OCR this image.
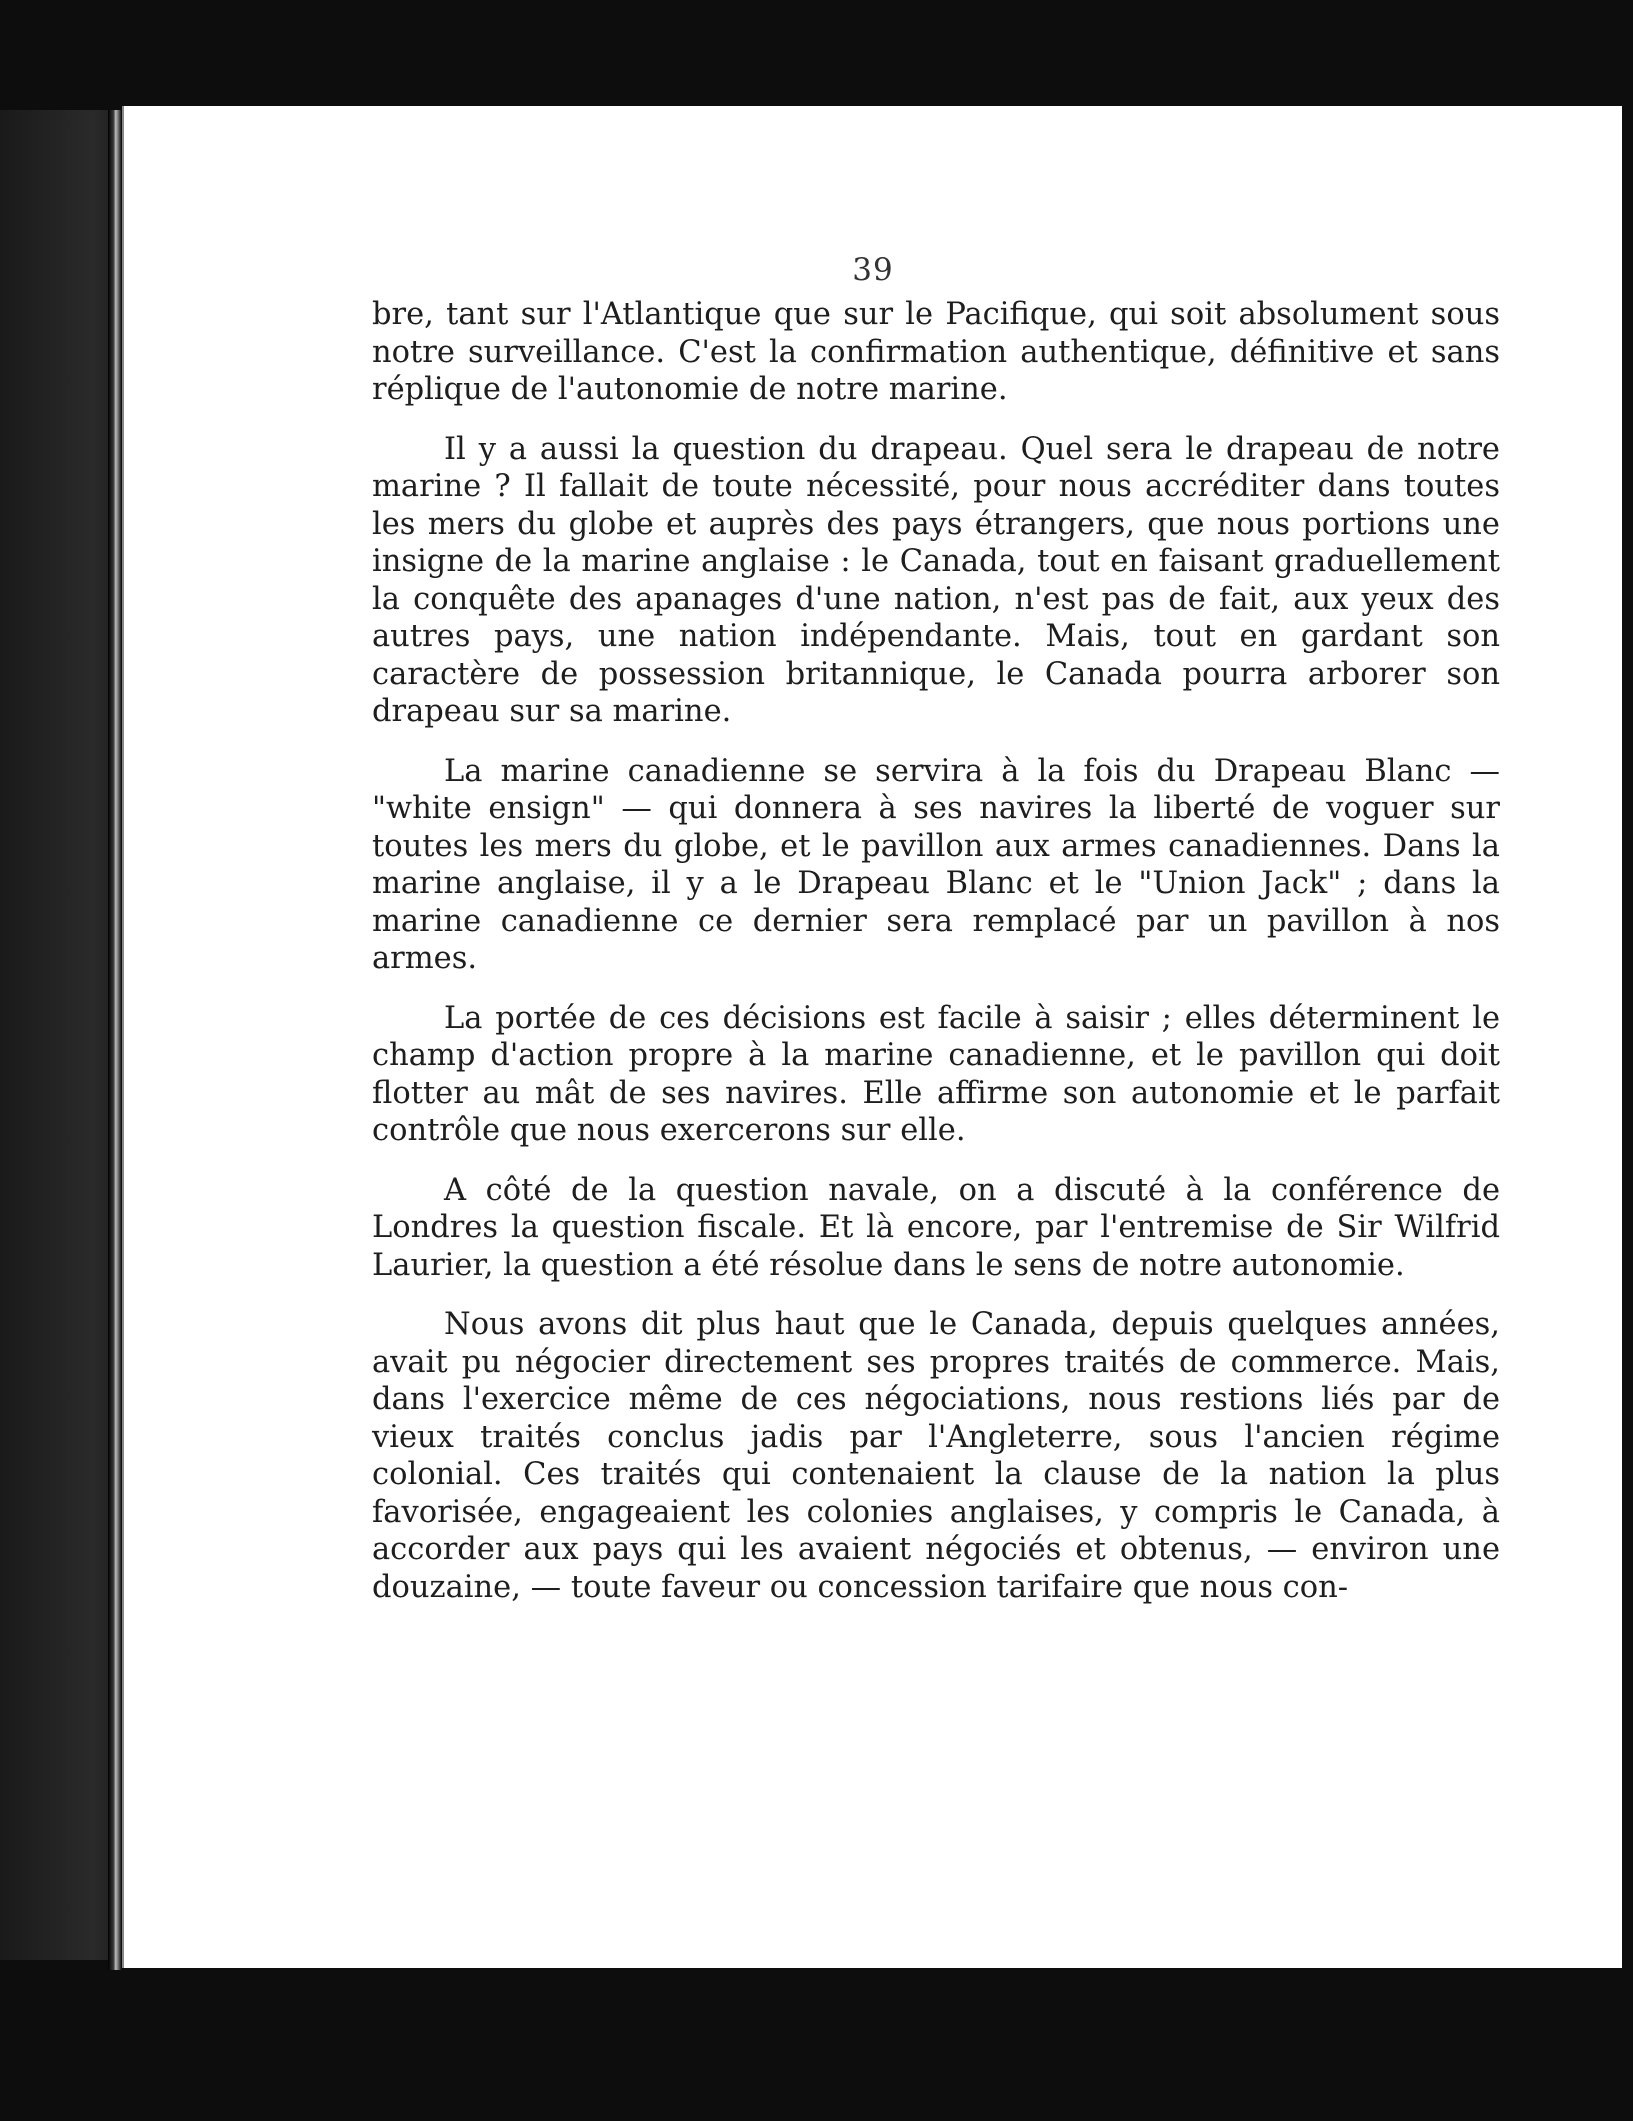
39

bre, tant sur l'Atlantique que sur le Pacifique, qui soit absolument sous notre surveillance. C'est la confirmation authentique, définitive et sans réplique de l'autonomie de notre marine.

Il y a aussi la question du drapeau. Quel sera le drapeau de notre marine ? Il fallait de toute nécessité, pour nous accréditer dans toutes les mers du globe et auprès des pays étrangers, que nous portions une insigne de la marine anglaise : le Canada, tout en faisant graduellement la conquête des apanages d'une nation, n'est pas de fait, aux yeux des autres pays, une nation indépendante. Mais, tout en gardant son caractère de possession britannique, le Canada pourra arborer son drapeau sur sa marine.

La marine canadienne se servira à la fois du Drapeau Blanc — "white ensign" — qui donnera à ses navires la liberté de voguer sur toutes les mers du globe, et le pavillon aux armes canadiennes. Dans la marine anglaise, il y a le Drapeau Blanc et le "Union Jack" ; dans la marine canadienne ce dernier sera remplacé par un pavillon à nos armes.

La portée de ces décisions est facile à saisir ; elles déterminent le champ d'action propre à la marine canadienne, et le pavillon qui doit flotter au mât de ses navires. Elle affirme son autonomie et le parfait contrôle que nous exercerons sur elle.

A côté de la question navale, on a discuté à la conférence de Londres la question fiscale. Et là encore, par l'entremise de Sir Wilfrid Laurier, la question a été résolue dans le sens de notre autonomie.

Nous avons dit plus haut que le Canada, depuis quelques années, avait pu négocier directement ses propres traités de commerce. Mais, dans l'exercice même de ces négociations, nous restions liés par de vieux traités conclus jadis par l'Angleterre, sous l'ancien régime colonial. Ces traités qui contenaient la clause de la nation la plus favorisée, engageaient les colonies anglaises, y compris le Canada, à accorder aux pays qui les avaient négociés et obtenus, — environ une douzaine, — toute faveur ou concession tarifaire que nous con-
